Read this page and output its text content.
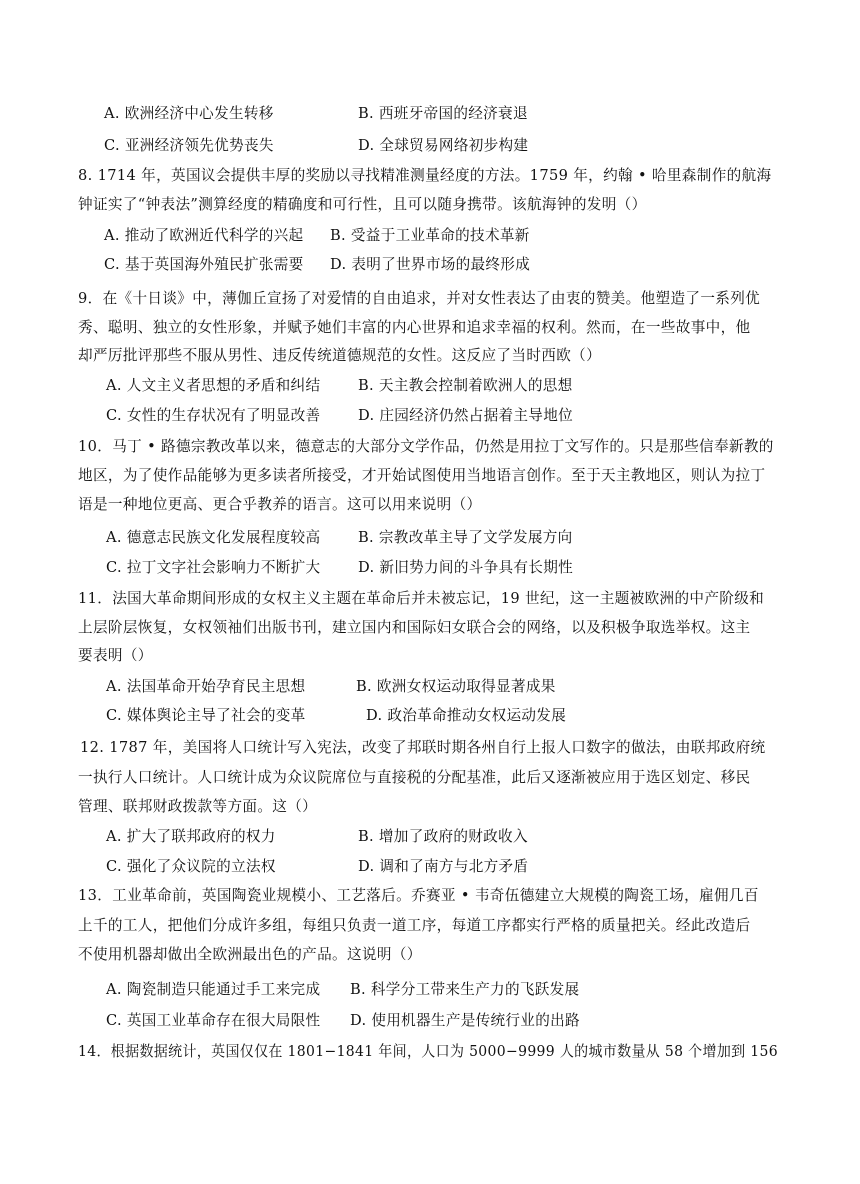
A. 欧洲经济中心发生转移	B. 西班牙帝国的经济衰退
C. 亚洲经济领先优势丧失	D. 全球贸易网络初步构建
8. 1714 年，英国议会提供丰厚的奖励以寻找精准测量经度的方法。1759 年，约翰 • 哈里森制作的航海
钟证实了“钟表法”测算经度的精确度和可行性，且可以随身携带。该航海钟的发明（）
A. 推动了欧洲近代科学的兴起 B. 受益于工业革命的技术革新
C. 基于英国海外殖民扩张需要 D. 表明了世界市场的最终形成
9．在《十日谈》中，薄伽丘宣扬了对爱情的自由追求，并对女性表达了由衷的赞美。他塑造了一系列优
秀、聪明、独立的女性形象，并赋予她们丰富的内心世界和追求幸福的权利。然而，在一些故事中，他
却严厉批评那些不服从男性、违反传统道德规范的女性。这反应了当时西欧（）
A. 人文主义者思想的矛盾和纠结	B. 天主教会控制着欧洲人的思想
C. 女性的生存状况有了明显改善	D. 庄园经济仍然占据着主导地位
10．马丁 • 路德宗教改革以来，德意志的大部分文学作品，仍然是用拉丁文写作的。只是那些信奉新教的
地区，为了使作品能够为更多读者所接受，才开始试图使用当地语言创作。至于天主教地区，则认为拉丁
语是一种地位更高、更合乎教养的语言。这可以用来说明（）
A. 德意志民族文化发展程度较高	B. 宗教改革主导了文学发展方向
C. 拉丁文字社会影响力不断扩大	D. 新旧势力间的斗争具有长期性
11．法国大革命期间形成的女权主义主题在革命后并未被忘记，19 世纪，这一主题被欧洲的中产阶级和
上层阶层恢复，女权领袖们出版书刊，建立国内和国际妇女联合会的网络，以及积极争取选举权。这主
要表明（）
A. 法国革命开始孕育民主思想	B. 欧洲女权运动取得显著成果
C. 媒体舆论主导了社会的变革	D. 政治革命推动女权运动发展
12. 1787 年，美国将人口统计写入宪法，改变了邦联时期各州自行上报人口数字的做法，由联邦政府统
一执行人口统计。人口统计成为众议院席位与直接税的分配基准，此后又逐渐被应用于选区划定、移民
管理、联邦财政拨款等方面。这（）
A. 扩大了联邦政府的权力	B. 增加了政府的财政收入
C. 强化了众议院的立法权	D. 调和了南方与北方矛盾
13．工业革命前，英国陶瓷业规模小、工艺落后。乔赛亚 • 韦奇伍德建立大规模的陶瓷工场，雇佣几百
上千的工人，把他们分成许多组，每组只负责一道工序，每道工序都实行严格的质量把关。经此改造后
不使用机器却做出全欧洲最出色的产品。这说明（）
A. 陶瓷制造只能通过手工来完成 B. 科学分工带来生产力的飞跃发展
C. 英国工业革命存在很大局限性 D. 使用机器生产是传统行业的出路
14．根据数据统计，英国仅仅在 1801−1841 年间，人口为 5000−9999 人的城市数量从 58 个增加到 156
